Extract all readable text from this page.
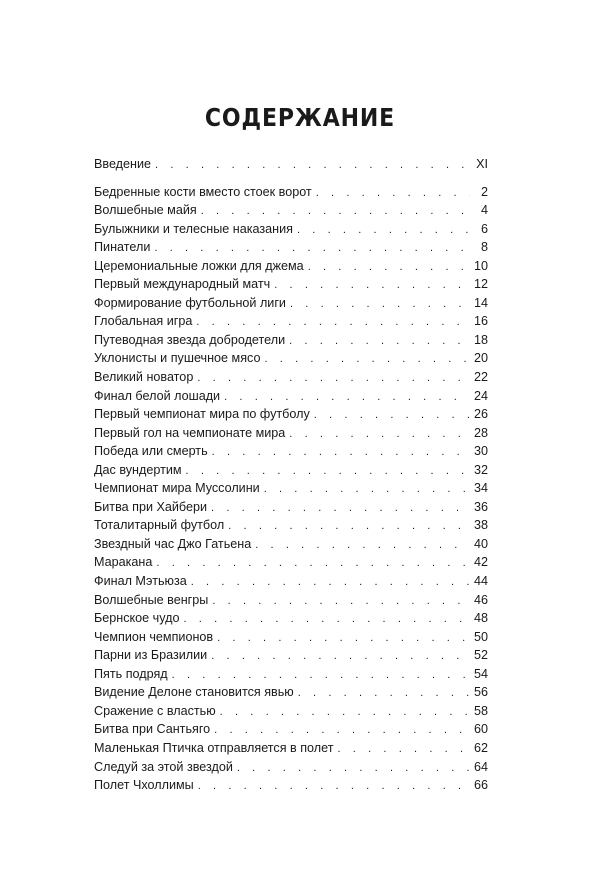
СОДЕРЖАНИЕ
Введение . . .	XI
Бедренные кости вместо стоек ворот . . .	2
Волшебные майя . . .	4
Булыжники и телесные наказания . . .	6
Пинатели . . .	8
Церемониальные ложки для джема . . .	10
Первый международный матч . . .	12
Формирование футбольной лиги . . .	14
Глобальная игра . . .	16
Путеводная звезда добродетели . . .	18
Уклонисты и пушечное мясо . . .	20
Великий новатор . . .	22
Финал белой лошади . . .	24
Первый чемпионат мира по футболу . . .	26
Первый гол на чемпионате мира . . .	28
Победа или смерть . . .	30
Дас вундертим . . .	32
Чемпионат мира Муссолини . . .	34
Битва при Хайбери . . .	36
Тоталитарный футбол . . .	38
Звездный час Джо Гатьена . . .	40
Маракана . . .	42
Финал Мэтьюза . . .	44
Волшебные венгры . . .	46
Бернское чудо . . .	48
Чемпион чемпионов . . .	50
Парни из Бразилии . . .	52
Пять подряд . . .	54
Видение Делоне становится явью . . .	56
Сражение с властью . . .	58
Битва при Сантьяго . . .	60
Маленькая Птичка отправляется в полет . . .	62
Следуй за этой звездой . . .	64
Полет Чхоллимы . . .	66
